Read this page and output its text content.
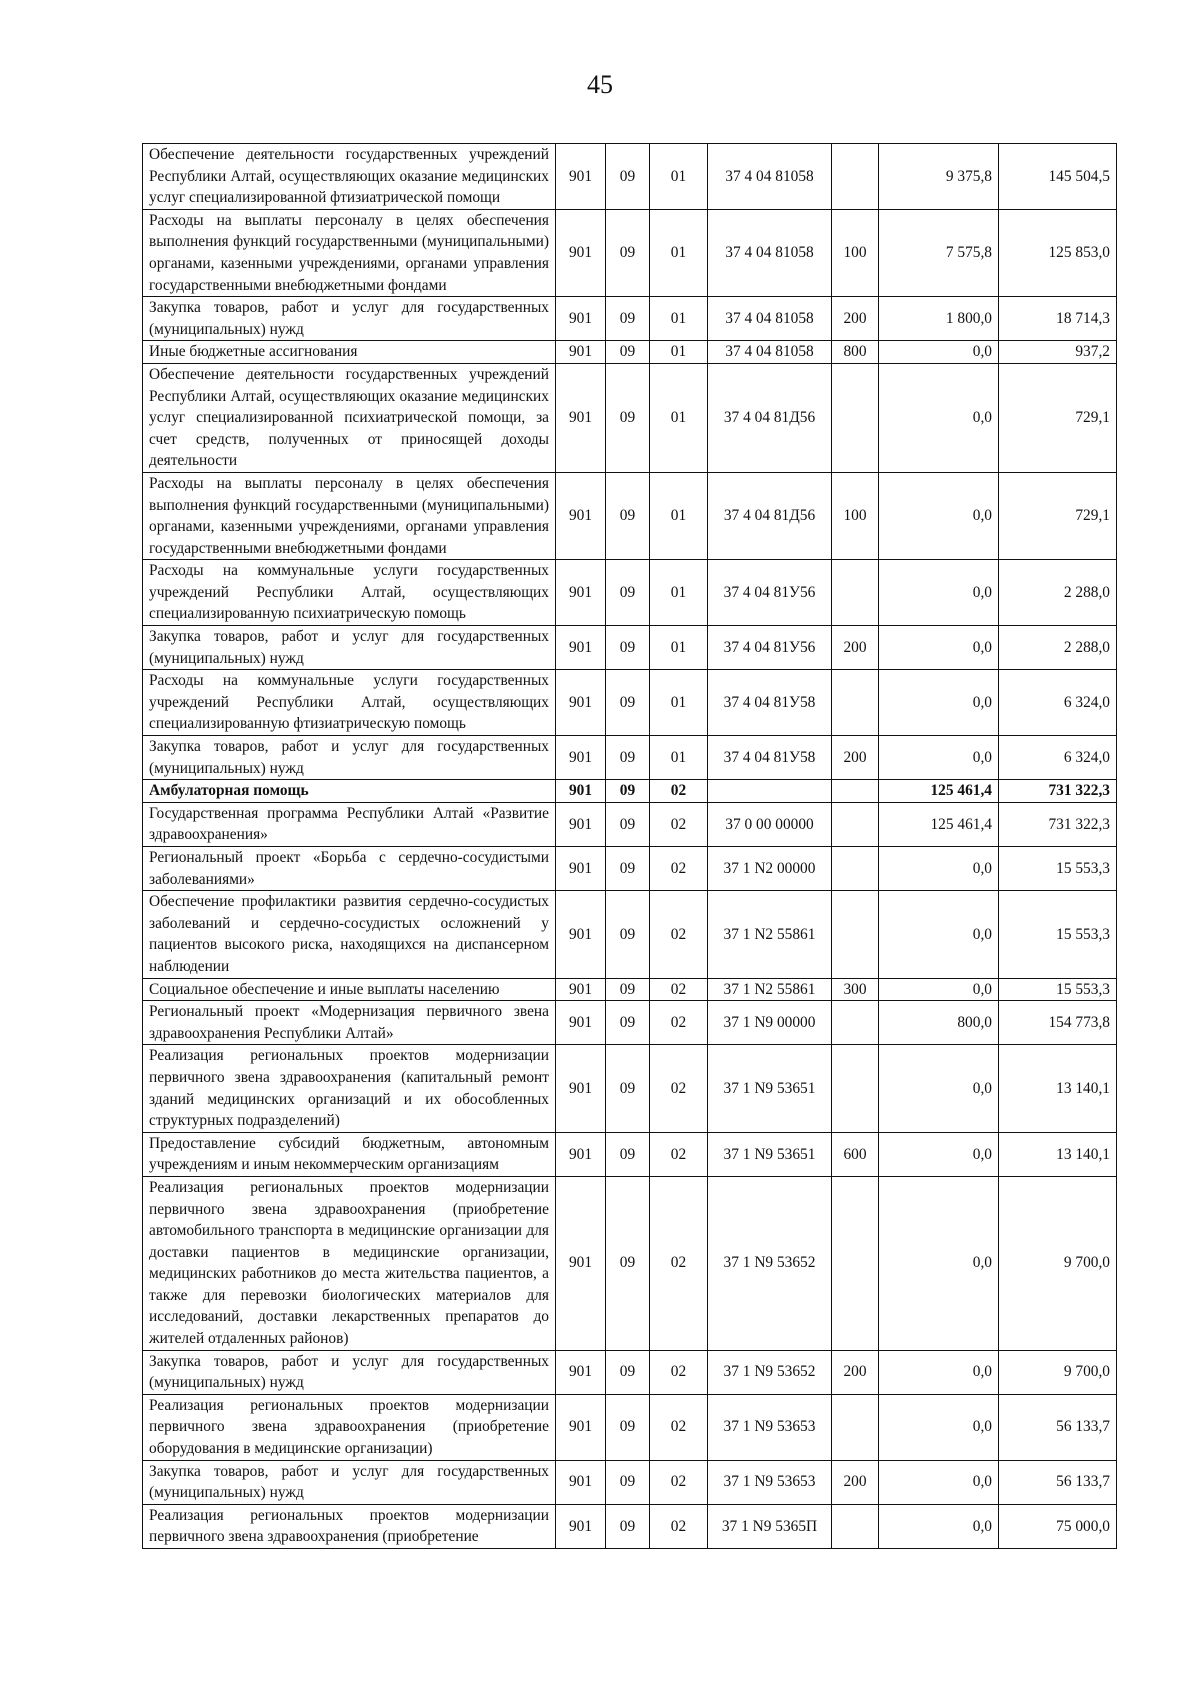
45
Обеспечение деятельности государственных учреждений Республики Алтай, осуществляющих оказание медицинских услуг специализированной фтизиатрической помощи	901	09	01	37 4 04 81058		9 375,8	145 504,5
Расходы на выплаты персоналу в целях обеспечения выполнения функций государственными (муниципальными) органами, казенными учреждениями, органами управления государственными внебюджетными фондами	901	09	01	37 4 04 81058	100	7 575,8	125 853,0
Закупка товаров, работ и услуг для государственных (муниципальных) нужд	901	09	01	37 4 04 81058	200	1 800,0	18 714,3
Иные бюджетные ассигнования	901	09	01	37 4 04 81058	800	0,0	937,2
Обеспечение деятельности государственных учреждений Республики Алтай, осуществляющих оказание медицинских услуг специализированной психиатрической помощи, за счет средств, полученных от приносящей доходы деятельности	901	09	01	37 4 04 81Д56		0,0	729,1
Расходы на выплаты персоналу в целях обеспечения выполнения функций государственными (муниципальными) органами, казенными учреждениями, органами управления государственными внебюджетными фондами	901	09	01	37 4 04 81Д56	100	0,0	729,1
Расходы на коммунальные услуги государственных учреждений Республики Алтай, осуществляющих специализированную психиатрическую помощь	901	09	01	37 4 04 81У56		0,0	2 288,0
Закупка товаров, работ и услуг для государственных (муниципальных) нужд	901	09	01	37 4 04 81У56	200	0,0	2 288,0
Расходы на коммунальные услуги государственных учреждений Республики Алтай, осуществляющих специализированную фтизиатрическую помощь	901	09	01	37 4 04 81У58		0,0	6 324,0
Закупка товаров, работ и услуг для государственных (муниципальных) нужд	901	09	01	37 4 04 81У58	200	0,0	6 324,0
Амбулаторная помощь	901	09	02			125 461,4	731 322,3
Государственная программа Республики Алтай «Развитие здравоохранения»	901	09	02	37 0 00 00000		125 461,4	731 322,3
Региональный проект «Борьба с сердечно-сосудистыми заболеваниями»	901	09	02	37 1 N2 00000		0,0	15 553,3
Обеспечение профилактики развития сердечно-сосудистых заболеваний и сердечно-сосудистых осложнений у пациентов высокого риска, находящихся на диспансерном наблюдении	901	09	02	37 1 N2 55861		0,0	15 553,3
Социальное обеспечение и иные выплаты населению	901	09	02	37 1 N2 55861	300	0,0	15 553,3
Региональный проект «Модернизация первичного звена здравоохранения Республики Алтай»	901	09	02	37 1 N9 00000		800,0	154 773,8
Реализация региональных проектов модернизации первичного звена здравоохранения (капитальный ремонт зданий медицинских организаций и их обособленных структурных подразделений)	901	09	02	37 1 N9 53651		0,0	13 140,1
Предоставление субсидий бюджетным, автономным учреждениям и иным некоммерческим организациям	901	09	02	37 1 N9 53651	600	0,0	13 140,1
Реализация региональных проектов модернизации первичного звена здравоохранения (приобретение автомобильного транспорта в медицинские организации для доставки пациентов в медицинские организации, медицинских работников до места жительства пациентов, а также для перевозки биологических материалов для исследований, доставки лекарственных препаратов до жителей отдаленных районов)	901	09	02	37 1 N9 53652		0,0	9 700,0
Закупка товаров, работ и услуг для государственных (муниципальных) нужд	901	09	02	37 1 N9 53652	200	0,0	9 700,0
Реализация региональных проектов модернизации первичного звена здравоохранения (приобретение оборудования в медицинские организации)	901	09	02	37 1 N9 53653		0,0	56 133,7
Закупка товаров, работ и услуг для государственных (муниципальных) нужд	901	09	02	37 1 N9 53653	200	0,0	56 133,7
Реализация региональных проектов модернизации первичного звена здравоохранения (приобретение	901	09	02	37 1 N9 5365П		0,0	75 000,0
